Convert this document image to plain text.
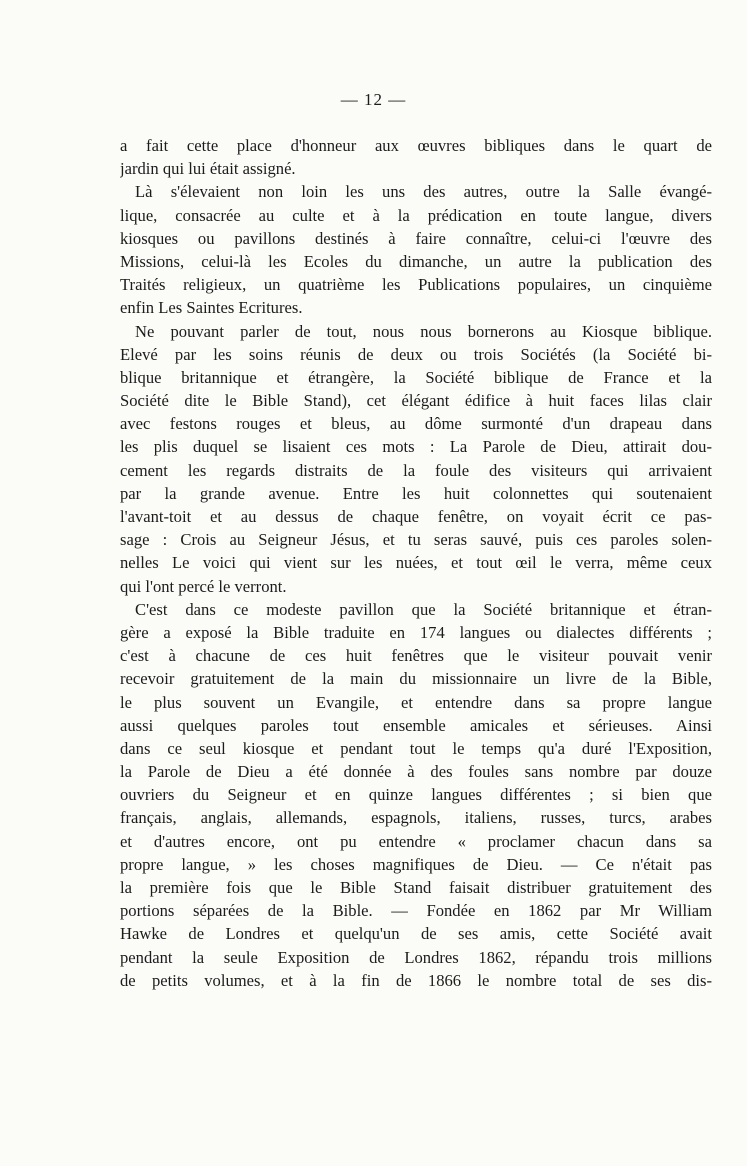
— 12 —
a fait cette place d'honneur aux œuvres bibliques dans le quart de
jardin qui lui était assigné.
Là s'élevaient non loin les uns des autres, outre la Salle évangé-
lique, consacrée au culte et à la prédication en toute langue, divers
kiosques ou pavillons destinés à faire connaître, celui-ci l'œuvre des
Missions, celui-là les Ecoles du dimanche, un autre la publication des
Traités religieux, un quatrième les Publications populaires, un cinquième
enfin Les Saintes Ecritures.
Ne pouvant parler de tout, nous nous bornerons au Kiosque biblique.
Elevé par les soins réunis de deux ou trois Sociétés (la Société bi-
blique britannique et étrangère, la Société biblique de France et la
Société dite le Bible Stand), cet élégant édifice à huit faces lilas clair
avec festons rouges et bleus, au dôme surmonté d'un drapeau dans
les plis duquel se lisaient ces mots : La Parole de Dieu, attirait dou-
cement les regards distraits de la foule des visiteurs qui arrivaient
par la grande avenue. Entre les huit colonnettes qui soutenaient
l'avant-toit et au dessus de chaque fenêtre, on voyait écrit ce pas-
sage : Crois au Seigneur Jésus, et tu seras sauvé, puis ces paroles solen-
nelles Le voici qui vient sur les nuées, et tout œil le verra, même ceux
qui l'ont percé le verront.
C'est dans ce modeste pavillon que la Société britannique et étran-
gère a exposé la Bible traduite en 174 langues ou dialectes différents ;
c'est à chacune de ces huit fenêtres que le visiteur pouvait venir
recevoir gratuitement de la main du missionnaire un livre de la Bible,
le plus souvent un Evangile, et entendre dans sa propre langue
aussi quelques paroles tout ensemble amicales et sérieuses. Ainsi
dans ce seul kiosque et pendant tout le temps qu'a duré l'Exposition,
la Parole de Dieu a été donnée à des foules sans nombre par douze
ouvriers du Seigneur et en quinze langues différentes ; si bien que
français, anglais, allemands, espagnols, italiens, russes, turcs, arabes
et d'autres encore, ont pu entendre « proclamer chacun dans sa
propre langue, » les choses magnifiques de Dieu. — Ce n'était pas
la première fois que le Bible Stand faisait distribuer gratuitement des
portions séparées de la Bible. — Fondée en 1862 par Mr William
Hawke de Londres et quelqu'un de ses amis, cette Société avait
pendant la seule Exposition de Londres 1862, répandu trois millions
de petits volumes, et à la fin de 1866 le nombre total de ses dis-
